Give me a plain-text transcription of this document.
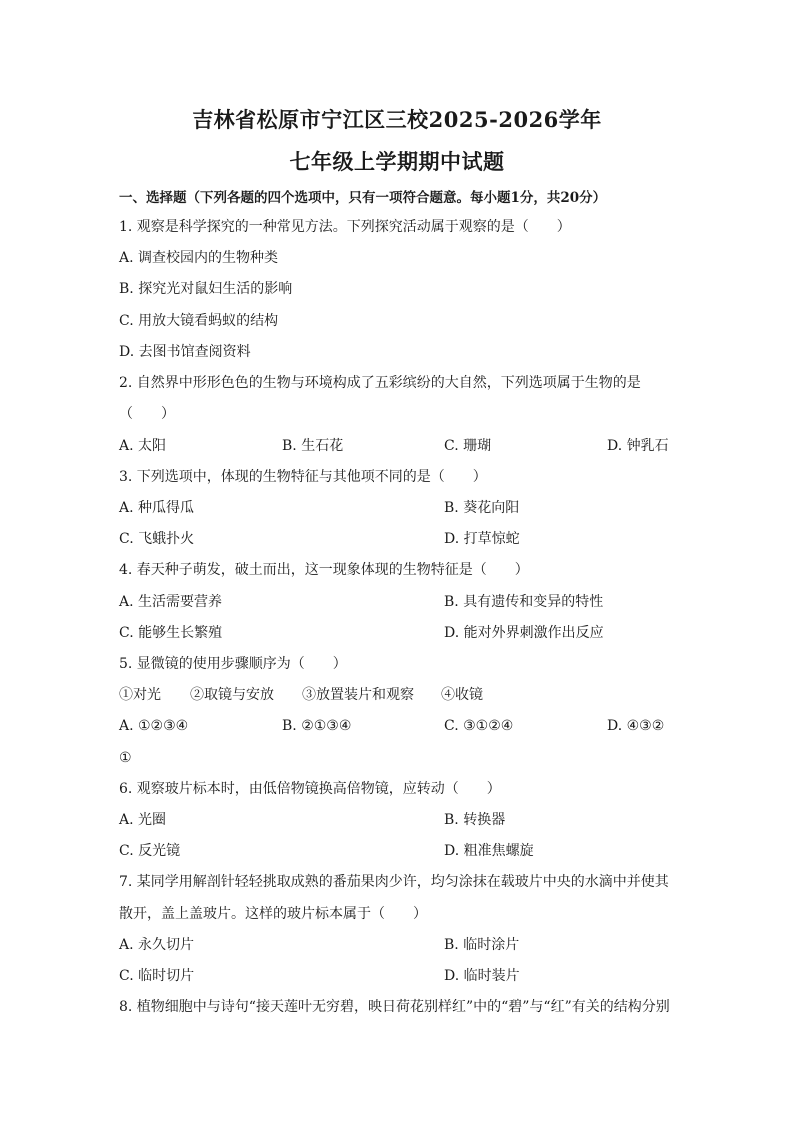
吉林省松原市宁江区三校2025-2026学年
七年级上学期期中试题
一、选择题（下列各题的四个选项中，只有一项符合题意。每小题1分，共20分）
1. 观察是科学探究的一种常见方法。下列探究活动属于观察的是（　　）
A. 调查校园内的生物种类
B. 探究光对鼠妇生活的影响
C. 用放大镜看蚂蚁的结构
D. 去图书馆查阅资料
2. 自然界中形形色色的生物与环境构成了五彩缤纷的大自然，下列选项属于生物的是
（　　）
A. 太阳	B. 生石花	C. 珊瑚	D. 钟乳石
3. 下列选项中，体现的生物特征与其他项不同的是（　　）
A. 种瓜得瓜	B. 葵花向阳
C. 飞蛾扑火	D. 打草惊蛇
4. 春天种子萌发，破土而出，这一现象体现的生物特征是（　　）
A. 生活需要营养	B. 具有遗传和变异的特性
C. 能够生长繁殖	D. 能对外界刺激作出反应
5. 显微镜的使用步骤顺序为（　　）
①对光 ②取镜与安放 ③放置装片和观察 ④收镜
A. ①②③④	B. ②①③④	C. ③①②④	D. ④③②
①
6. 观察玻片标本时，由低倍物镜换高倍物镜，应转动（　　）
A. 光圈	B. 转换器
C. 反光镜	D. 粗准焦螺旋
7. 某同学用解剖针轻轻挑取成熟的番茄果肉少许，均匀涂抹在载玻片中央的水滴中并使其
散开，盖上盖玻片。这样的玻片标本属于（　　）
A. 永久切片	B. 临时涂片
C. 临时切片	D. 临时装片
8. 植物细胞中与诗句“接天莲叶无穷碧，映日荷花别样红”中的“碧”与“红”有关的结构分别
